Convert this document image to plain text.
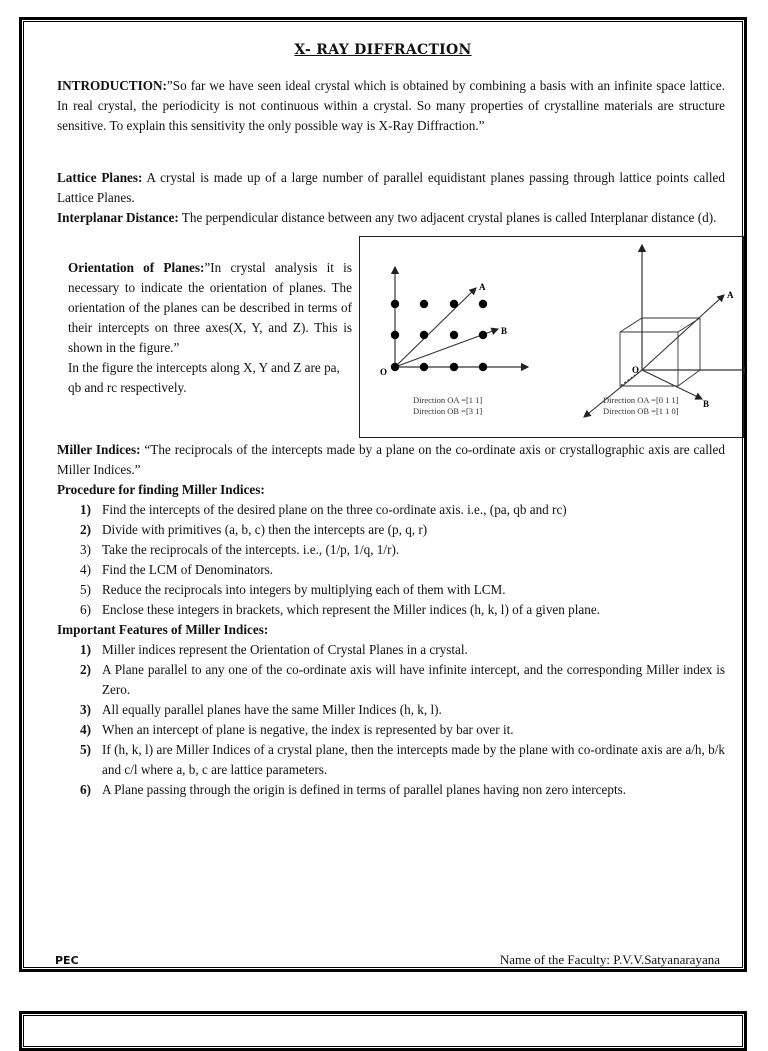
X- RAY DIFFRACTION
INTRODUCTION:”So far we have seen ideal crystal which is obtained by combining a basis with an infinite space lattice. In real crystal, the periodicity is not continuous within a crystal. So many properties of crystalline materials are structure sensitive. To explain this sensitivity the only possible way is X-Ray Diffraction.”
Lattice Planes: A crystal is made up of a large number of parallel equidistant planes passing through lattice points called Lattice Planes.
Interplanar Distance: The perpendicular distance between any two adjacent crystal planes is called Interplanar distance (d).
Orientation of Planes:”In crystal analysis it is necessary to indicate the orientation of planes. The orientation of the planes can be described in terms of their intercepts on three axes(X, Y, and Z). This is shown in the figure.”

In the figure the intercepts along X, Y and Z are pa, qb and rc respectively.
O
A
B
Direction OA =[1 1]
Direction OB =[3 1]
O
A
B
Direction OA =[0 1 1]
Direction OB =[1 1 0]
Miller Indices: “The reciprocals of the intercepts made by a plane on the co-ordinate axis or crystallographic axis are called Miller Indices.”
Procedure for finding Miller Indices:
1) Find the intercepts of the desired plane on the three co-ordinate axis. i.e., (pa, qb and rc)
2) Divide with primitives (a, b, c) then the intercepts are (p, q, r)
3) Take the reciprocals of the intercepts. i.e., (1/p, 1/q, 1/r).
4) Find the LCM of Denominators.
5) Reduce the reciprocals into integers by multiplying each of them with LCM.
6) Enclose these integers in brackets, which represent the Miller indices (h, k, l) of a given plane.
Important Features of Miller Indices:
1) Miller indices represent the Orientation of Crystal Planes in a crystal.
2) A Plane parallel to any one of the co-ordinate axis will have infinite intercept, and the corresponding Miller index is Zero.
3) All equally parallel planes have the same Miller Indices (h, k, l).
4) When an intercept of plane is negative, the index is represented by bar over it.
5) If (h, k, l) are Miller Indices of a crystal plane, then the intercepts made by the plane with co-ordinate axis are a/h, b/k and c/l where a, b, c are lattice parameters.
6) A Plane passing through the origin is defined in terms of parallel planes having non zero intercepts.
PEC	Name of the Faculty: P.V.V.Satyanarayana
